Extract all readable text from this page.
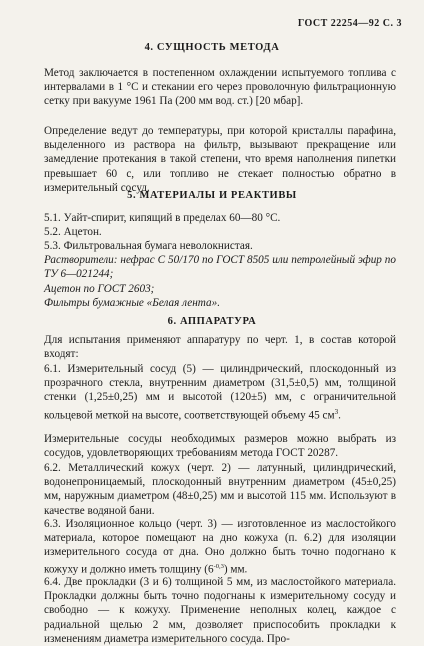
ГОСТ 22254—92 С. 3
4. СУЩНОСТЬ МЕТОДА
Метод заключается в постепенном охлаждении испытуемого топлива с интервалами в 1 °С и стекании его через проволочную фильтрационную сетку при вакууме 1961 Па (200 мм вод. ст.) [20 мбар].
Определение ведут до температуры, при которой кристаллы парафина, выделенного из раствора на фильтр, вызывают прекращение или замедление протекания в такой степени, что время наполнения пипетки превышает 60 с, или топливо не стекает полностью обратно в измерительный сосуд.
5. МАТЕРИАЛЫ И РЕАКТИВЫ
5.1. Уайт-спирит, кипящий в пределах 60—80 °С.
5.2. Ацетон.
5.3. Фильтровальная бумага неволокнистая.
Растворители: нефрас С 50/170 по ГОСТ 8505 или петролейный эфир по ТУ 6—021244;
Ацетон по ГОСТ 2603;
Фильтры бумажные «Белая лента».
6. АППАРАТУРА
Для испытания применяют аппаратуру по черт. 1, в состав которой входят:
6.1. Измерительный сосуд (5) — цилиндрический, плоскодонный из прозрачного стекла, внутренним диаметром (31,5±0,5) мм, толщиной стенки (1,25±0,25) мм и высотой (120±5) мм, с ограничительной кольцевой меткой на высоте, соответствующей объему 45 $см^3$.
Измерительные сосуды необходимых размеров можно выбрать из сосудов, удовлетворяющих требованиям метода ГОСТ 20287.
6.2. Металлический кожух (черт. 2) — латунный, цилиндрический, водонепроницаемый, плоскодонный внутренним диаметром (45±0,25) мм, наружным диаметром (48±0,25) мм и высотой 115 мм. Используют в качестве водяной бани.
6.3. Изоляционное кольцо (черт. 3) — изготовленное из маслостойкого материала, которое помещают на дно кожуха (п. 6.2) для изоляции измерительного сосуда от дна. Оно должно быть точно подогнано к кожуху и должно иметь толщину $(6^{-0,3})$ мм.
6.4. Две прокладки (3 и 6) толщиной 5 мм, из маслостойкого материала. Прокладки должны быть точно подогнаны к измерительному сосуду и свободно — к кожуху. Применение неполных колец, каждое с радиальной щелью 2 мм, дозволяет приспособить прокладки к изменениям диаметра измерительного сосуда. Про-
